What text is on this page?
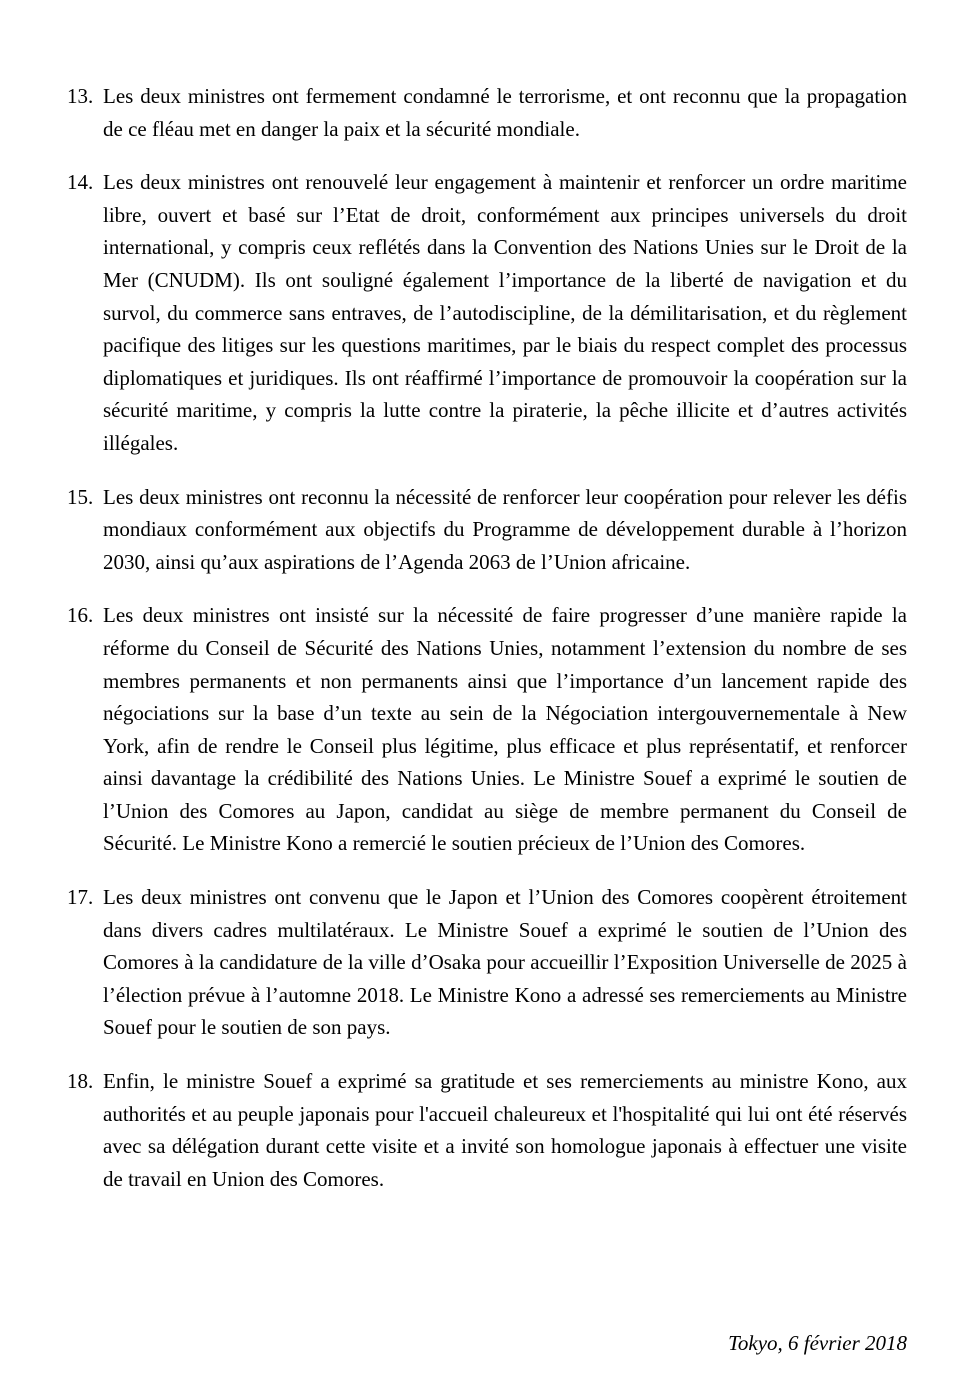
13. Les deux ministres ont fermement condamné le terrorisme, et ont reconnu que la propagation de ce fléau met en danger la paix et la sécurité mondiale.
14. Les deux ministres ont renouvelé leur engagement à maintenir et renforcer un ordre maritime libre, ouvert et basé sur l’Etat de droit, conformément aux principes universels du droit international, y compris ceux reflétés dans la Convention des Nations Unies sur le Droit de la Mer (CNUDM). Ils ont souligné également l’importance de la liberté de navigation et du survol, du commerce sans entraves, de l’autodiscipline, de la démilitarisation, et du règlement pacifique des litiges sur les questions maritimes, par le biais du respect complet des processus diplomatiques et juridiques. Ils ont réaffirmé l’importance de promouvoir la coopération sur la sécurité maritime, y compris la lutte contre la piraterie, la pêche illicite et d’autres activités illégales.
15. Les deux ministres ont reconnu la nécessité de renforcer leur coopération pour relever les défis mondiaux conformément aux objectifs du Programme de développement durable à l’horizon 2030, ainsi qu’aux aspirations de l’Agenda 2063 de l’Union africaine.
16. Les deux ministres ont insisté sur la nécessité de faire progresser d’une manière rapide la réforme du Conseil de Sécurité des Nations Unies, notamment l’extension du nombre de ses membres permanents et non permanents ainsi que l’importance d’un lancement rapide des négociations sur la base d’un texte au sein de la Négociation intergouvernementale à New York, afin de rendre le Conseil plus légitime, plus efficace et plus représentatif, et renforcer ainsi davantage la crédibilité des Nations Unies. Le Ministre Souef a exprimé le soutien de l’Union des Comores au Japon, candidat au siège de membre permanent du Conseil de Sécurité. Le Ministre Kono a remercié le soutien précieux de l’Union des Comores.
17. Les deux ministres ont convenu que le Japon et l’Union des Comores coopèrent étroitement dans divers cadres multilatéraux. Le Ministre Souef a exprimé le soutien de l’Union des Comores à la candidature de la ville d’Osaka pour accueillir l’Exposition Universelle de 2025 à l’élection prévue à l’automne 2018. Le Ministre Kono a adressé ses remerciements au Ministre Souef pour le soutien de son pays.
18. Enfin, le ministre Souef a exprimé sa gratitude et ses remerciements au ministre Kono, aux authorités et au peuple japonais pour l'accueil chaleureux et l'hospitalité qui lui ont été réservés avec sa délégation durant cette visite et a invité son homologue japonais à effectuer une visite de travail en Union des Comores.
Tokyo, 6 février 2018
